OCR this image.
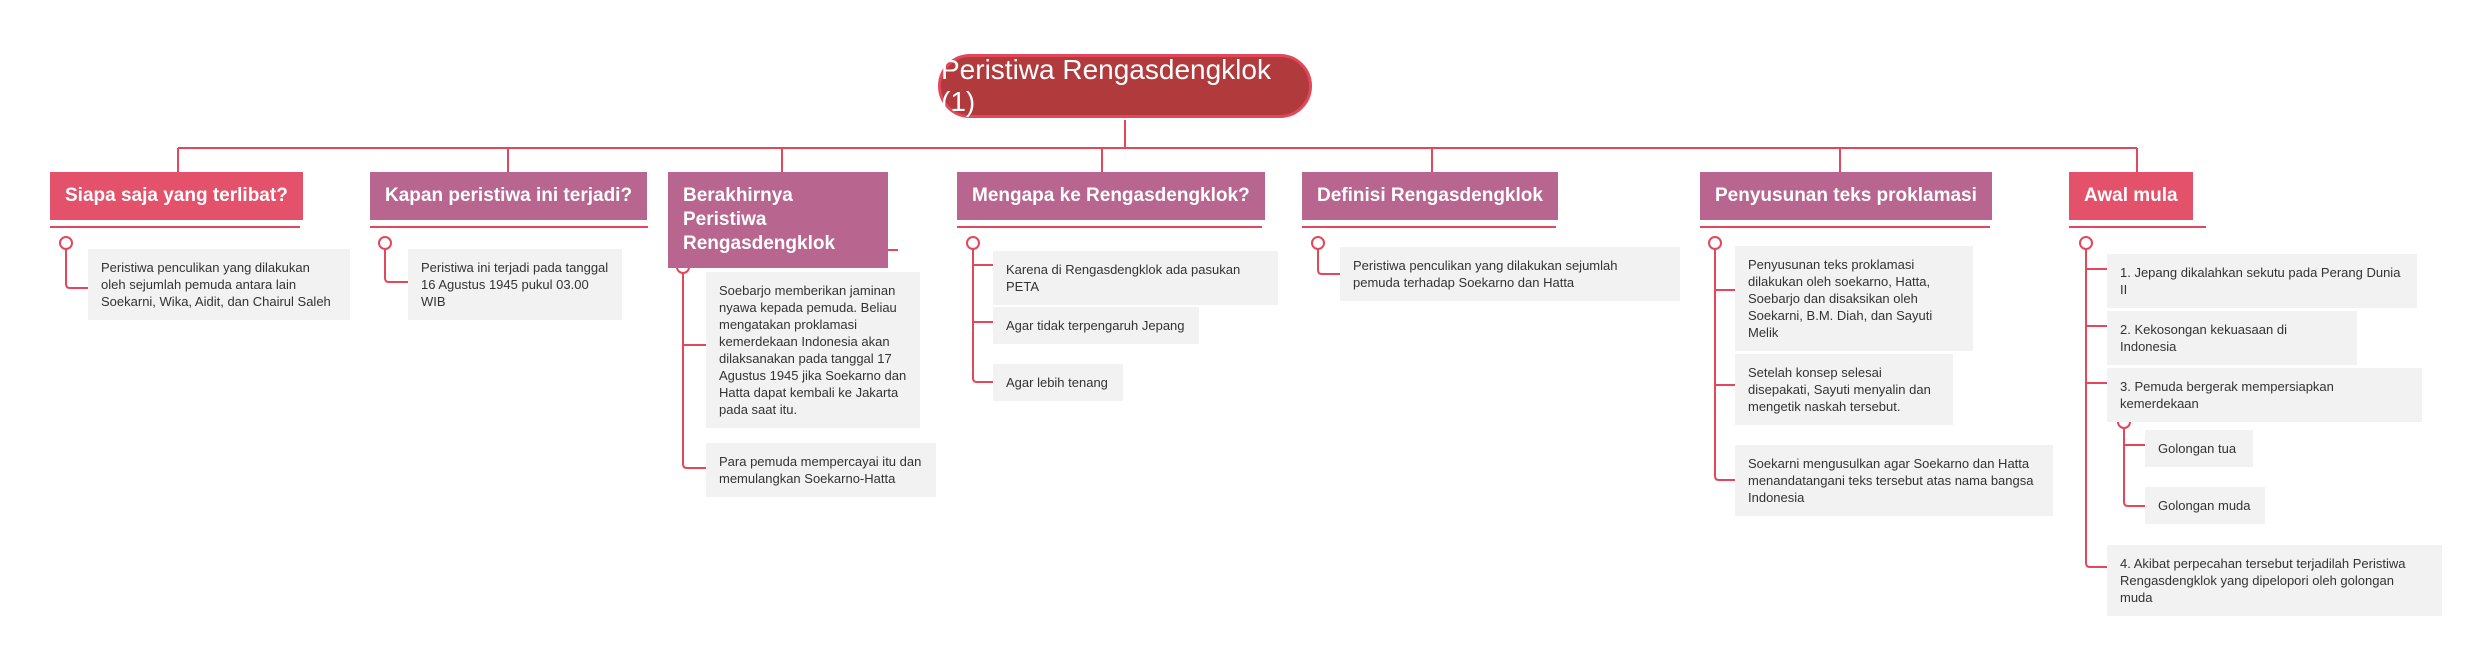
Peristiwa Rengasdengklok (1)
Siapa saja yang terlibat?
Peristiwa penculikan yang dilakukan oleh sejumlah pemuda antara lain Soekarni, Wika, Aidit, dan Chairul Saleh
Kapan peristiwa ini terjadi?
Peristiwa ini terjadi pada tanggal 16 Agustus 1945 pukul 03.00 WIB
Berakhirnya Peristiwa Rengasdengklok
Soebarjo memberikan jaminan nyawa kepada pemuda. Beliau mengatakan proklamasi kemerdekaan Indonesia akan dilaksanakan pada tanggal 17 Agustus 1945 jika Soekarno dan Hatta dapat kembali ke Jakarta pada saat itu.
Para pemuda mempercayai itu dan memulangkan Soekarno-Hatta
Mengapa ke Rengasdengklok?
Karena di Rengasdengklok ada pasukan PETA
Agar tidak terpengaruh Jepang
Agar lebih tenang
Definisi Rengasdengklok
Peristiwa penculikan yang dilakukan sejumlah pemuda terhadap Soekarno dan Hatta
Penyusunan teks proklamasi
Penyusunan teks proklamasi dilakukan oleh soekarno, Hatta, Soebarjo dan disaksikan oleh Soekarni, B.M. Diah, dan Sayuti Melik
Setelah konsep selesai disepakati, Sayuti menyalin dan mengetik naskah tersebut.
Soekarni mengusulkan agar Soekarno dan Hatta menandatangani teks tersebut atas nama bangsa Indonesia
Awal mula
1. Jepang dikalahkan sekutu pada Perang Dunia II
2. Kekosongan kekuasaan di Indonesia
3. Pemuda bergerak mempersiapkan kemerdekaan
Golongan tua
Golongan muda
4. Akibat perpecahan tersebut terjadilah Peristiwa Rengasdengklok yang dipelopori oleh golongan muda
